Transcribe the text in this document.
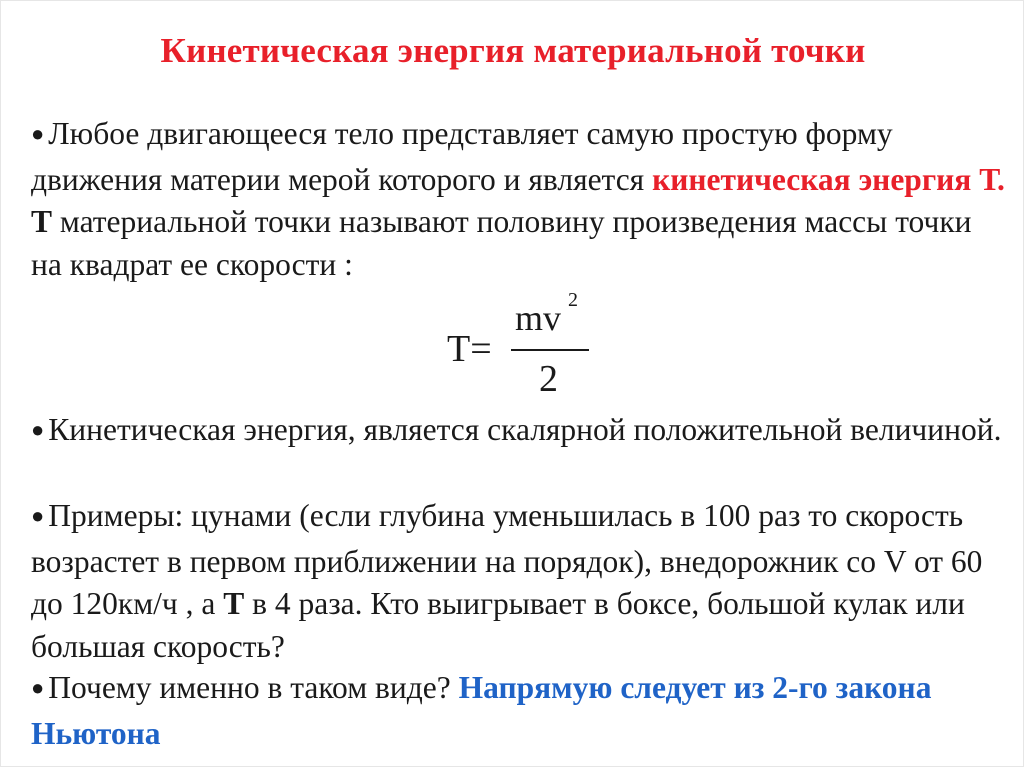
Кинетическая энергия материальной точки
● Любое двигающееся тело представляет самую простую форму движения материи мерой которого и является кинетическая энергия Т. Т материальной точки называют половину произведения массы точки на квадрат ее скорости :
Т=
mv 2
2
● Кинетическая энергия, является скалярной положительной величиной.
● Примеры: цунами (если глубина уменьшилась в 100 раз то скорость возрастет в первом приближении на порядок), внедорожник со V от 60 до 120км/ч , а Т в 4 раза. Кто выигрывает в боксе, большой кулак или большая скорость?
● Почему именно в таком виде? Напрямую следует из 2-го закона Ньютона
